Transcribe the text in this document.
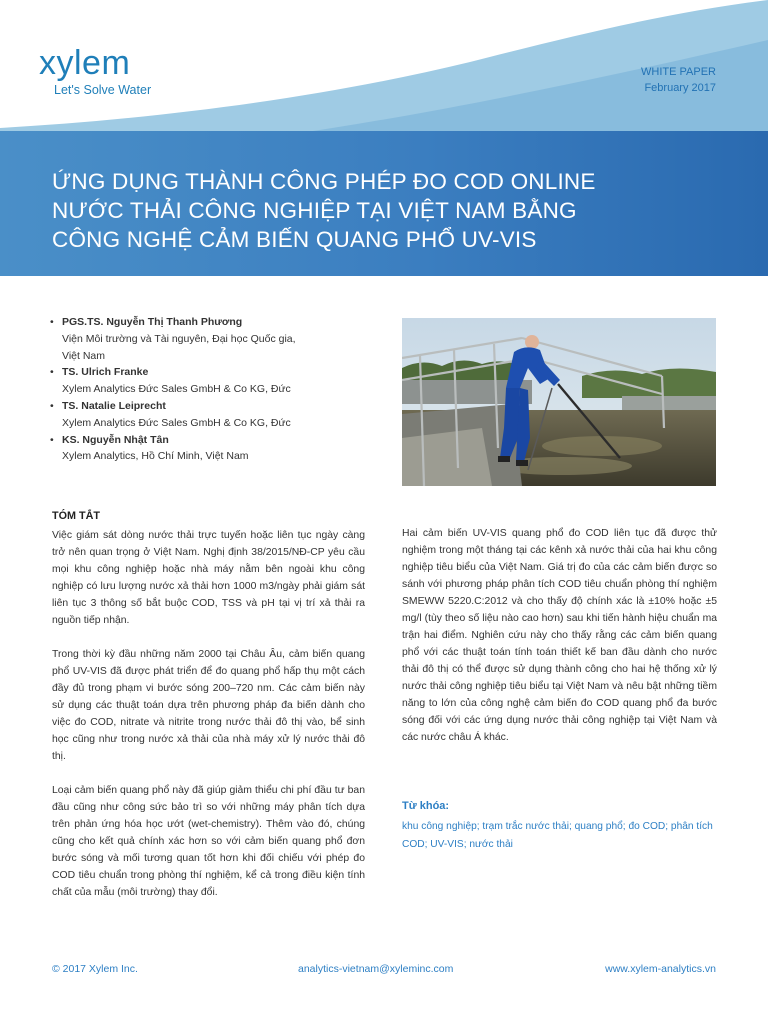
xylem
Let's Solve Water
WHITE PAPER
February 2017
ỨNG DỤNG THÀNH CÔNG PHÉP ĐO COD ONLINE
NƯỚC THẢI CÔNG NGHIỆP TẠI VIỆT NAM BẰNG
CÔNG NGHỆ CẢM BIẾN QUANG PHỔ UV-VIS
• PGS.TS. Nguyễn Thị Thanh Phương
Viện Môi trường và Tài nguyên, Đại học Quốc gia,
Việt Nam
• TS. Ulrich Franke
Xylem Analytics Đức Sales GmbH & Co KG, Đức
• TS. Natalie Leiprecht
Xylem Analytics Đức Sales GmbH & Co KG, Đức
• KS. Nguyễn Nhật Tân
Xylem Analytics, Hồ Chí Minh, Việt Nam
TÓM TẮT

Việc giám sát dòng nước thải trực tuyến hoặc liên tục ngày càng trở nên quan trọng ở Việt Nam. Nghị định 38/2015/NĐ-CP yêu cầu mọi khu công nghiệp hoặc nhà máy nằm bên ngoài khu công nghiệp có lưu lượng nước xả thải hơn 1000 m3/ngày phải giám sát liên tục 3 thông số bắt buộc COD, TSS và pH tại vị trí xả thải ra nguồn tiếp nhận.

Trong thời kỳ đầu những năm 2000 tại Châu Âu, cảm biến quang phổ UV-VIS đã được phát triển để đo quang phổ hấp thụ một cách đầy đủ trong phạm vi bước sóng 200–720 nm. Các cảm biến này sử dụng các thuật toán dựa trên phương pháp đa biến dành cho việc đo COD, nitrate và nitrite trong nước thải đô thị vào, bể sinh học cũng như trong nước xả thải của nhà máy xử lý nước thải đô thị.

Loại cảm biến quang phổ này đã giúp giảm thiểu chi phí đầu tư ban đầu cũng như công sức bảo trì so với những máy phân tích dựa trên phản ứng hóa học ướt (wet-chemistry). Thêm vào đó, chúng cũng cho kết quả chính xác hơn so với cảm biến quang phổ đơn bước sóng và mối tương quan tốt hơn khi đối chiếu với phép đo COD tiêu chuẩn trong phòng thí nghiệm, kể cả trong điều kiện tính chất của mẫu (môi trường) thay đổi.

Hai cảm biến UV-VIS quang phổ đo COD liên tục đã được thử nghiệm trong một tháng tại các kênh xả nước thải của hai khu công nghiệp tiêu biểu của Việt Nam. Giá trị đo của các cảm biến được so sánh với phương pháp phân tích COD tiêu chuẩn phòng thí nghiệm SMEWW 5220.C:2012 và cho thấy độ chính xác là ±10% hoặc ±5 mg/l (tùy theo số liệu nào cao hơn) sau khi tiến hành hiệu chuẩn ma trận hai điểm. Nghiên cứu này cho thấy rằng các cảm biến quang phổ với các thuật toán tính toán thiết kế ban đầu dành cho nước thải đô thị có thể được sử dụng thành công cho hai hệ thống xử lý nước thải công nghiệp tiêu biểu tại Việt Nam và nêu bật những tiềm năng to lớn của công nghệ cảm biến đo COD quang phổ đa bước sóng đối với các ứng dụng nước thải công nghiệp tại Việt Nam và các nước châu Á khác.

Từ khóa:
khu công nghiệp; trạm trắc nước thải; quang phổ; đo COD; phân tích COD; UV-VIS; nước thải
© 2017 Xylem Inc.	analytics-vietnam@xyleminc.com	www.xylem-analytics.vn
